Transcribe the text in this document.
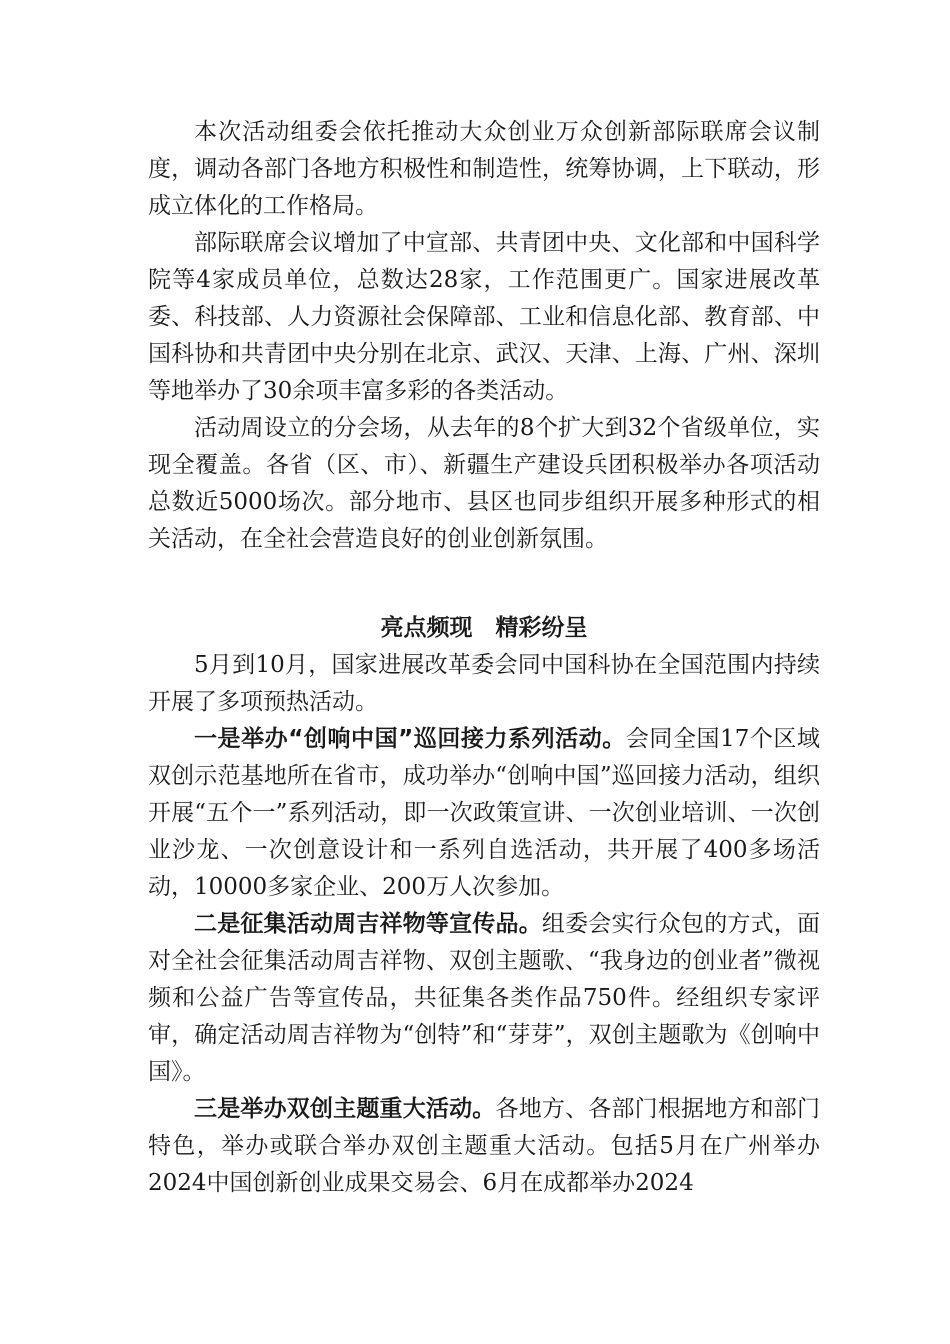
本次活动组委会依托推动大众创业万众创新部际联席会议制度，调动各部门各地方积极性和制造性，统筹协调，上下联动，形成立体化的工作格局。

部际联席会议增加了中宣部、共青团中央、文化部和中国科学院等4家成员单位，总数达28家，工作范围更广。国家进展改革委、科技部、人力资源社会保障部、工业和信息化部、教育部、中国科协和共青团中央分别在北京、武汉、天津、上海、广州、深圳等地举办了30余项丰富多彩的各类活动。

活动周设立的分会场，从去年的8个扩大到32个省级单位，实现全覆盖。各省（区、市）、新疆生产建设兵团积极举办各项活动总数近5000场次。部分地市、县区也同步组织开展多种形式的相关活动，在全社会营造良好的创业创新氛围。

亮点频现　精彩纷呈

5月到10月，国家进展改革委会同中国科协在全国范围内持续开展了多项预热活动。

一是举办“创响中国”巡回接力系列活动。会同全国17个区域双创示范基地所在省市，成功举办“创响中国”巡回接力活动，组织开展“五个一”系列活动，即一次政策宣讲、一次创业培训、一次创业沙龙、一次创意设计和一系列自选活动，共开展了400多场活动，10000多家企业、200万人次参加。

二是征集活动周吉祥物等宣传品。组委会实行众包的方式，面对全社会征集活动周吉祥物、双创主题歌、“我身边的创业者”微视频和公益广告等宣传品，共征集各类作品750件。经组织专家评审，确定活动周吉祥物为“创特”和“芽芽”，双创主题歌为《创响中国》。

三是举办双创主题重大活动。各地方、各部门根据地方和部门特色，举办或联合举办双创主题重大活动。包括5月在广州举办2024中国创新创业成果交易会、6月在成都举办2024
